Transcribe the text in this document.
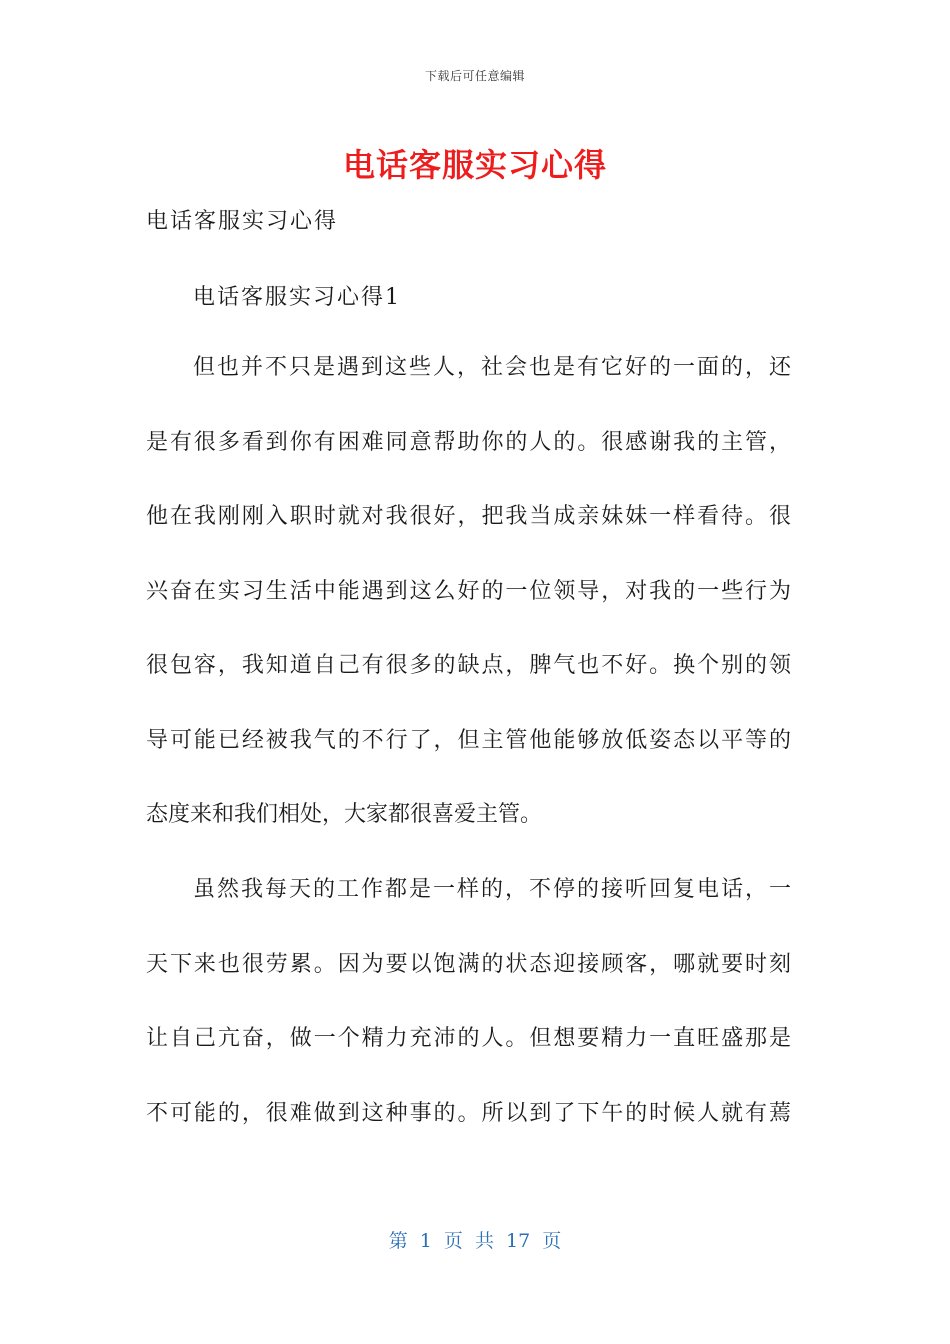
下载后可任意编辑
电话客服实习心得
电话客服实习心得
电话客服实习心得1

但也并不只是遇到这些人，社会也是有它好的一面的，还
是有很多看到你有困难同意帮助你的人的。很感谢我的主管，
他在我刚刚入职时就对我很好，把我当成亲妹妹一样看待。很
兴奋在实习生活中能遇到这么好的一位领导，对我的一些行为
很包容，我知道自己有很多的缺点，脾气也不好。换个别的领
导可能已经被我气的不行了，但主管他能够放低姿态以平等的
态度来和我们相处，大家都很喜爱主管。

虽然我每天的工作都是一样的，不停的接听回复电话，一
天下来也很劳累。因为要以饱满的状态迎接顾客，哪就要时刻
让自己亢奋，做一个精力充沛的人。但想要精力一直旺盛那是
不可能的，很难做到这种事的。所以到了下午的时候人就有蔫

第 1 页 共 17 页
